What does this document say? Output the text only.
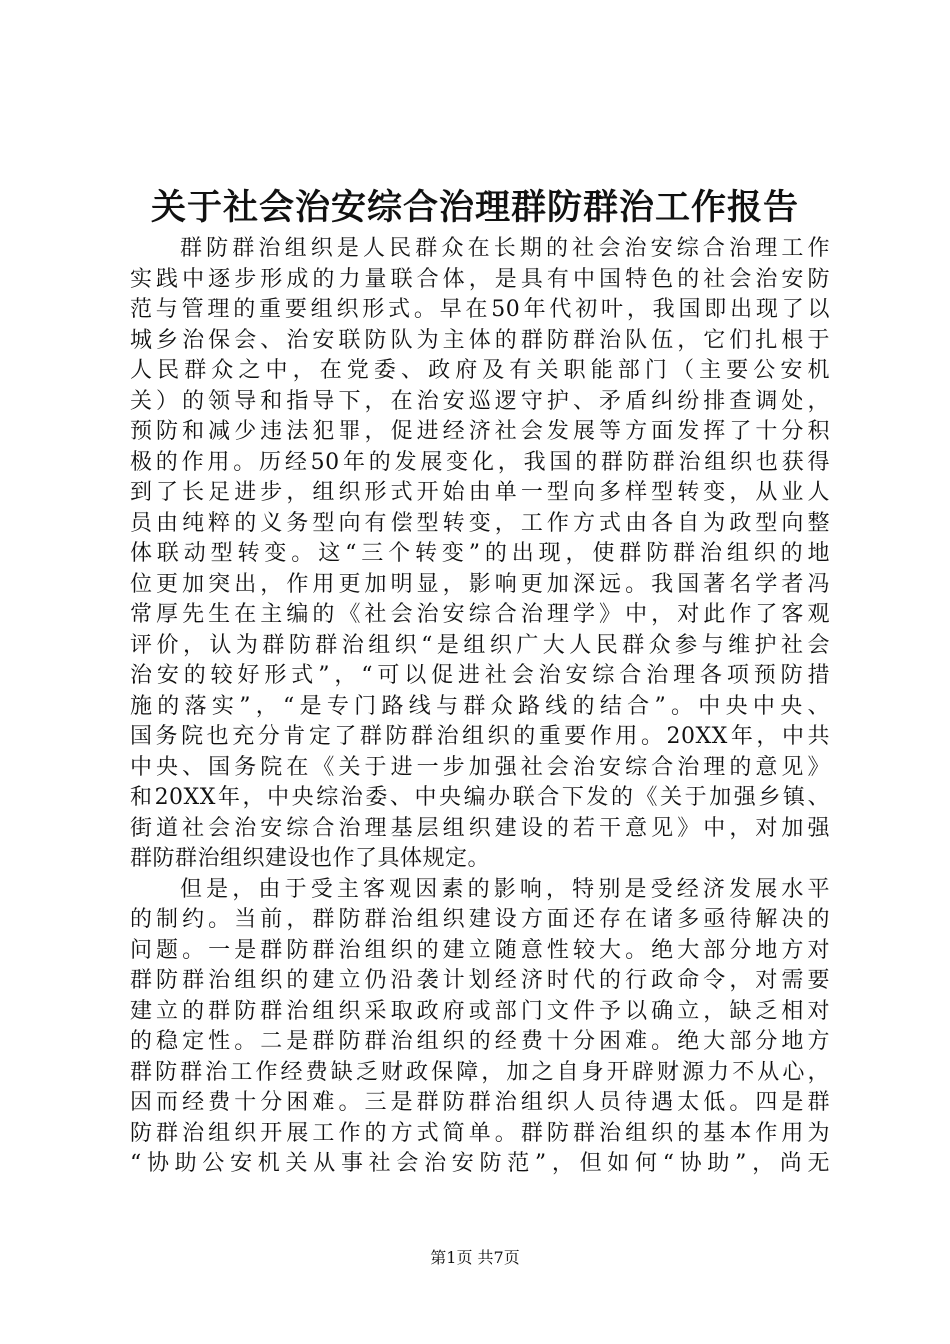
关于社会治安综合治理群防群治工作报告
群防群治组织是人民群众在长期的社会治安综合治理工作
实践中逐步形成的力量联合体，是具有中国特色的社会治安防
范与管理的重要组织形式。早在50年代初叶，我国即出现了以
城乡治保会、治安联防队为主体的群防群治队伍，它们扎根于
人民群众之中，在党委、政府及有关职能部门（主要公安机
关）的领导和指导下，在治安巡逻守护、矛盾纠纷排查调处，
预防和减少违法犯罪，促进经济社会发展等方面发挥了十分积
极的作用。历经50年的发展变化，我国的群防群治组织也获得
到了长足进步，组织形式开始由单一型向多样型转变，从业人
员由纯粹的义务型向有偿型转变，工作方式由各自为政型向整
体联动型转变。这“三个转变”的出现，使群防群治组织的地
位更加突出，作用更加明显，影响更加深远。我国著名学者冯
常厚先生在主编的《社会治安综合治理学》中，对此作了客观
评价，认为群防群治组织“是组织广大人民群众参与维护社会
治安的较好形式”，“可以促进社会治安综合治理各项预防措
施的落实”，“是专门路线与群众路线的结合”。中央中央、
国务院也充分肯定了群防群治组织的重要作用。20XX年，中共
中央、国务院在《关于进一步加强社会治安综合治理的意见》
和20XX年，中央综治委、中央编办联合下发的《关于加强乡镇、
街道社会治安综合治理基层组织建设的若干意见》中，对加强
群防群治组织建设也作了具体规定。
但是，由于受主客观因素的影响，特别是受经济发展水平
的制约。当前，群防群治组织建设方面还存在诸多亟待解决的
问题。一是群防群治组织的建立随意性较大。绝大部分地方对
群防群治组织的建立仍沿袭计划经济时代的行政命令，对需要
建立的群防群治组织采取政府或部门文件予以确立，缺乏相对
的稳定性。二是群防群治组织的经费十分困难。绝大部分地方
群防群治工作经费缺乏财政保障，加之自身开辟财源力不从心，
因而经费十分困难。三是群防群治组织人员待遇太低。四是群
防群治组织开展工作的方式简单。群防群治组织的基本作用为
“协助公安机关从事社会治安防范”，但如何“协助”，尚无
第1页 共7页
